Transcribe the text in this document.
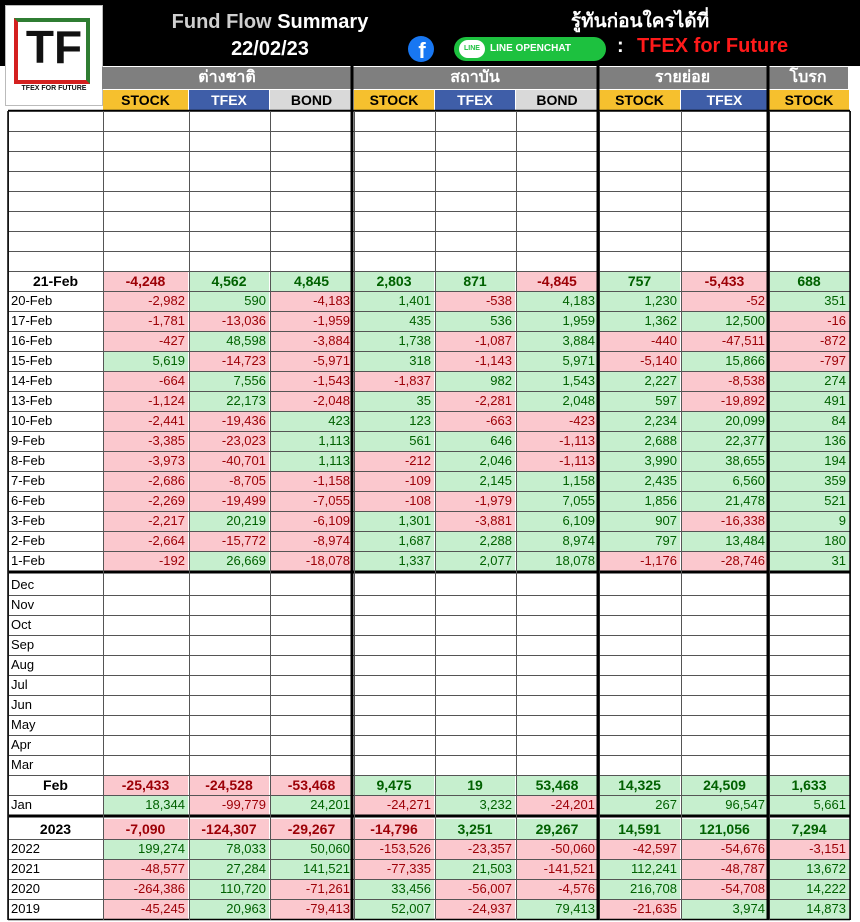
Fund Flow Summary
22/02/23
รู้ทันก่อนใครได้ที่
f	LINE	LINE OPENCHAT : TFEX for Future
TF
TFEX FOR FUTURE
ต่างชาติ	สถาบัน	รายย่อย	โบรก
STOCK	TFEX	BOND	STOCK	TFEX	BOND	STOCK	TFEX	STOCK
21-Feb	-4,248	4,562	4,845	2,803	871	-4,845	757	-5,433	688
20-Feb	-2,982	590	-4,183	1,401	-538	4,183	1,230	-52	351
17-Feb	-1,781	-13,036	-1,959	435	536	1,959	1,362	12,500	-16
16-Feb	-427	48,598	-3,884	1,738	-1,087	3,884	-440	-47,511	-872
15-Feb	5,619	-14,723	-5,971	318	-1,143	5,971	-5,140	15,866	-797
14-Feb	-664	7,556	-1,543	-1,837	982	1,543	2,227	-8,538	274
13-Feb	-1,124	22,173	-2,048	35	-2,281	2,048	597	-19,892	491
10-Feb	-2,441	-19,436	423	123	-663	-423	2,234	20,099	84
9-Feb	-3,385	-23,023	1,113	561	646	-1,113	2,688	22,377	136
8-Feb	-3,973	-40,701	1,113	-212	2,046	-1,113	3,990	38,655	194
7-Feb	-2,686	-8,705	-1,158	-109	2,145	1,158	2,435	6,560	359
6-Feb	-2,269	-19,499	-7,055	-108	-1,979	7,055	1,856	21,478	521
3-Feb	-2,217	20,219	-6,109	1,301	-3,881	6,109	907	-16,338	9
2-Feb	-2,664	-15,772	-8,974	1,687	2,288	8,974	797	13,484	180
1-Feb	-192	26,669	-18,078	1,337	2,077	18,078	-1,176	-28,746	31
Dec
Nov
Oct
Sep
Aug
Jul
Jun
May
Apr
Mar
Feb	-25,433	-24,528	-53,468	9,475	19	53,468	14,325	24,509	1,633
Jan	18,344	-99,779	24,201	-24,271	3,232	-24,201	267	96,547	5,661
2023	-7,090	-124,307	-29,267	-14,796	3,251	29,267	14,591	121,056	7,294
2022	199,274	78,033	50,060	-153,526	-23,357	-50,060	-42,597	-54,676	-3,151
2021	-48,577	27,284	141,521	-77,335	21,503	-141,521	112,241	-48,787	13,672
2020	-264,386	110,720	-71,261	33,456	-56,007	-4,576	216,708	-54,708	14,222
2019	-45,245	20,963	-79,413	52,007	-24,937	79,413	-21,635	3,974	14,873
